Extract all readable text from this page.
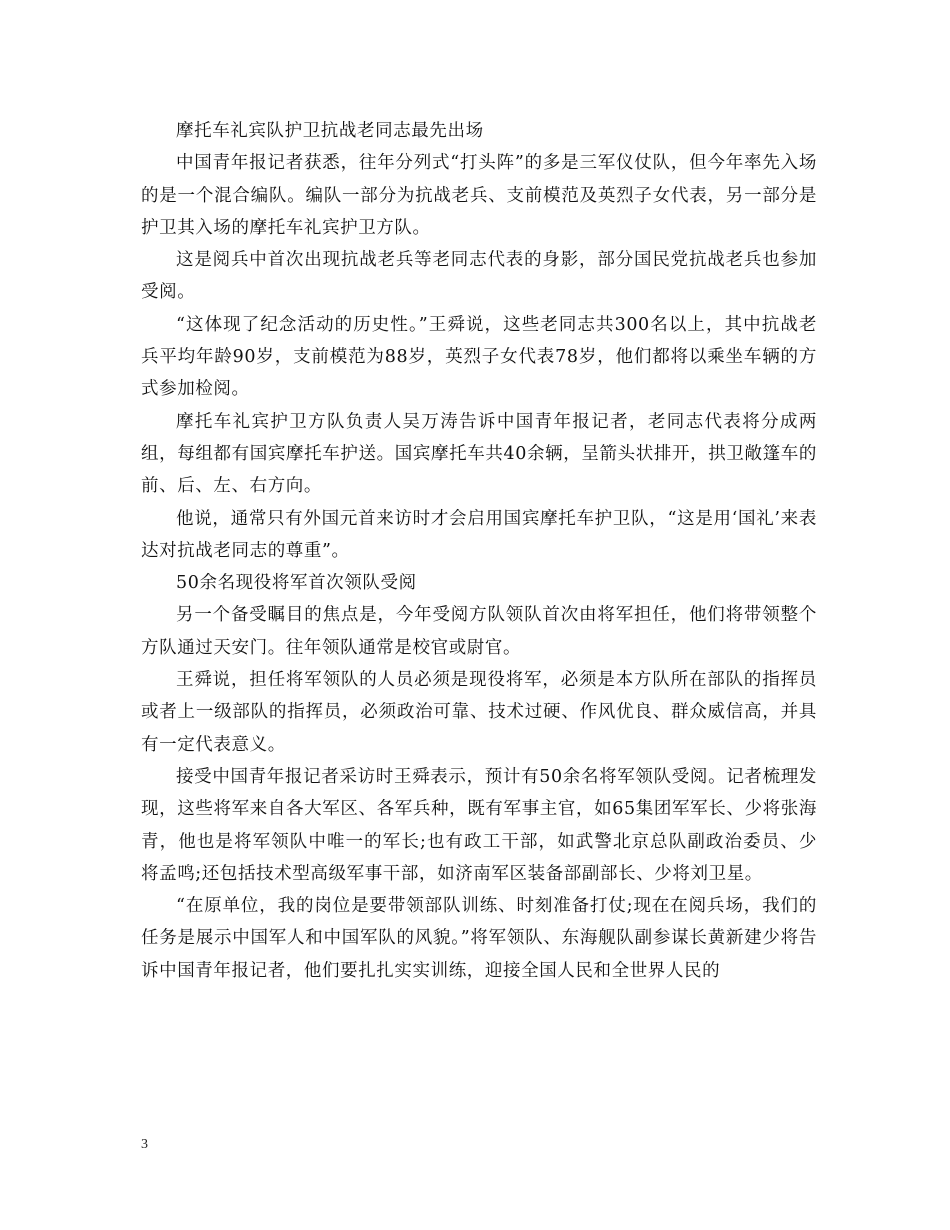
摩托车礼宾队护卫抗战老同志最先出场

中国青年报记者获悉，往年分列式“打头阵”的多是三军仪仗队，但今年率先入场的是一个混合编队。编队一部分为抗战老兵、支前模范及英烈子女代表，另一部分是护卫其入场的摩托车礼宾护卫方队。

这是阅兵中首次出现抗战老兵等老同志代表的身影，部分国民党抗战老兵也参加受阅。

“这体现了纪念活动的历史性。”王舜说，这些老同志共300名以上，其中抗战老兵平均年龄90岁，支前模范为88岁，英烈子女代表78岁，他们都将以乘坐车辆的方式参加检阅。

摩托车礼宾护卫方队负责人吴万涛告诉中国青年报记者，老同志代表将分成两组，每组都有国宾摩托车护送。国宾摩托车共40余辆，呈箭头状排开，拱卫敞篷车的前、后、左、右方向。

他说，通常只有外国元首来访时才会启用国宾摩托车护卫队，“这是用‘国礼’来表达对抗战老同志的尊重”。

50余名现役将军首次领队受阅

另一个备受瞩目的焦点是，今年受阅方队领队首次由将军担任，他们将带领整个方队通过天安门。往年领队通常是校官或尉官。

王舜说，担任将军领队的人员必须是现役将军，必须是本方队所在部队的指挥员或者上一级部队的指挥员，必须政治可靠、技术过硬、作风优良、群众威信高，并具有一定代表意义。

接受中国青年报记者采访时王舜表示，预计有50余名将军领队受阅。记者梳理发现，这些将军来自各大军区、各军兵种，既有军事主官，如65集团军军长、少将张海青，他也是将军领队中唯一的军长;也有政工干部，如武警北京总队副政治委员、少将孟鸣;还包括技术型高级军事干部，如济南军区装备部副部长、少将刘卫星。

“在原单位，我的岗位是要带领部队训练、时刻准备打仗;现在在阅兵场，我们的任务是展示中国军人和中国军队的风貌。”将军领队、东海舰队副参谋长黄新建少将告诉中国青年报记者，他们要扎扎实实训练，迎接全国人民和全世界人民的

3
